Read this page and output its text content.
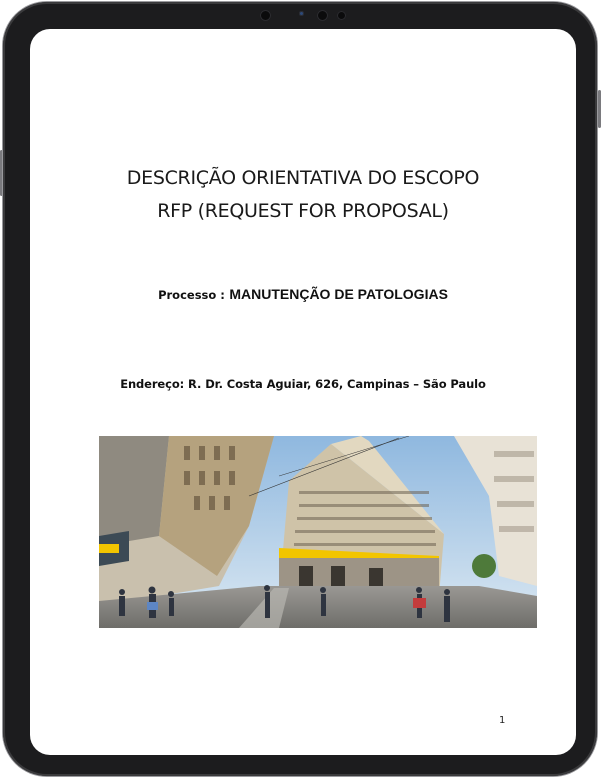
DESCRIÇÃO ORIENTATIVA DO ESCOPO
RFP (REQUEST FOR PROPOSAL)
Processo : MANUTENÇÃO DE PATOLOGIAS
Endereço: R. Dr. Costa Aguiar, 626, Campinas – São Paulo
1
